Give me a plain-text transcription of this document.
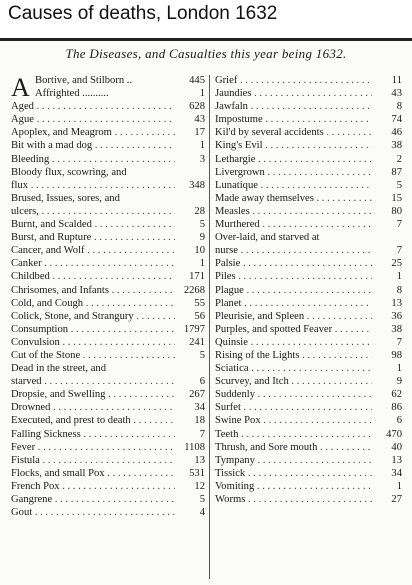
Causes of deaths, London 1632
The Diseases, and Casualties this year being 1632.
A Bortive, and Stilborn ..	445
Affrighted ..........	1
Aged . . .	628
Ague . . .	43
Apoplex, and Meagrom . . .	17
Bit with a mad dog . . .	1
Bleeding . . .	3
Bloody flux, scowring, and
flux . . .	348
Brused, Issues, sores, and
ulcers, . . .	28
Burnt, and Scalded . . .	5
Burst, and Rupture . . .	9
Cancer, and Wolf . . .	10
Canker . . .	1
Childbed . . .	171
Chrisomes, and Infants . . .	2268
Cold, and Cough . . .	55
Colick, Stone, and Strangury . . .	56
Consumption . . .	1797
Convulsion . . .	241
Cut of the Stone . . .	5
Dead in the street, and
starved . . .	6
Dropsie, and Swelling . . .	267
Drowned . . .	34
Executed, and prest to death . . .	18
Falling Sickness . . .	7
Fever . . .	1108
Fistula . . .	13
Flocks, and small Pox . . .	531
French Pox . . .	12
Gangrene . . .	5
Gout . . .	4
Grief . . .	11
Jaundies . . .	43
Jawfaln . . .	8
Impostume . . .	74
Kil'd by several accidents . . .	46
King's Evil . . .	38
Lethargie . . .	2
Livergrown . . .	87
Lunatique . . .	5
Made away themselves . . .	15
Measles . . .	80
Murthered . . .	7
Over-laid, and starved at
nurse . . .	7
Palsie . . .	25
Piles . . .	1
Plague . . .	8
Planet . . .	13
Pleurisie, and Spleen . . .	36
Purples, and spotted Feaver . . .	38
Quinsie . . .	7
Rising of the Lights . . .	98
Sciatica . . .	1
Scurvey, and Itch . . .	9
Suddenly . . .	62
Surfet . . .	86
Swine Pox . . .	6
Teeth . . .	470
Thrush, and Sore mouth . . .	40
Tympany . . .	13
Tissick . . .	34
Vomiting . . .	1
Worms . . .	27
